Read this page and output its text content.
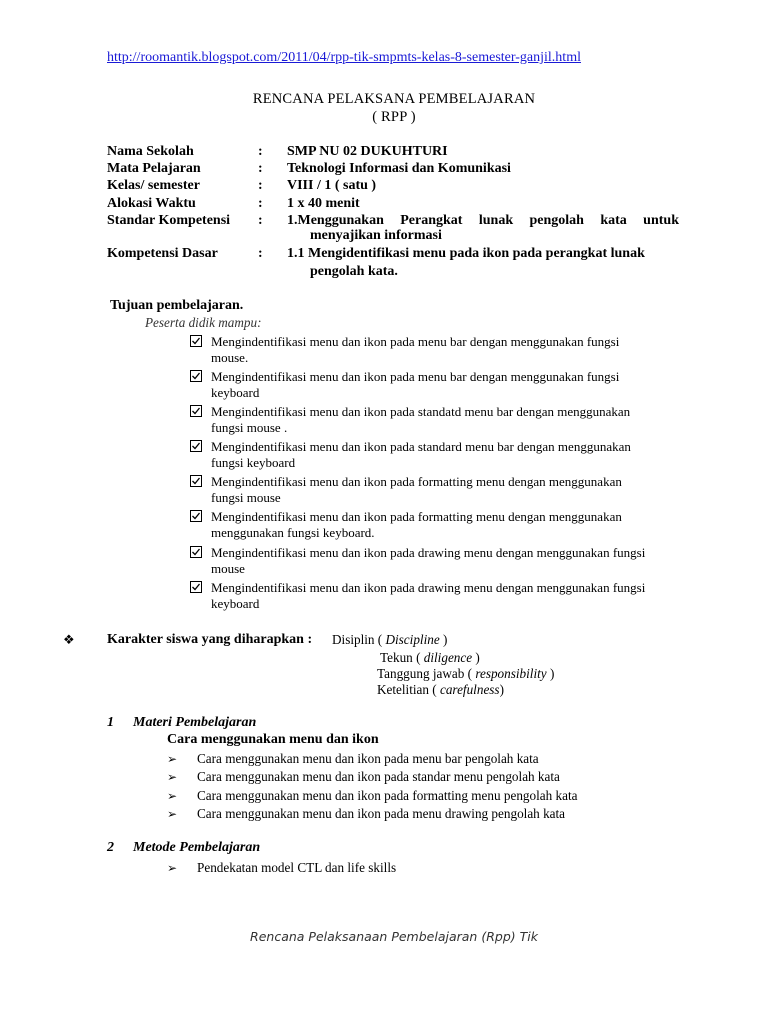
http://roomantik.blogspot.com/2011/04/rpp-tik-smpmts-kelas-8-semester-ganjil.html
RENCANA PELAKSANA PEMBELAJARAN
( RPP )
Nama Sekolah	: SMP NU 02 DUKUHTURI
Mata Pelajaran	: Teknologi Informasi dan Komunikasi
Kelas/ semester	: VIII / 1 ( satu )
Alokasi Waktu	: 1 x 40 menit
Standar Kompetensi : 1.Menggunakan Perangkat lunak pengolah kata untuk
menyajikan informasi
Kompetensi Dasar	: 1.1 Mengidentifikasi menu pada ikon pada perangkat lunak
pengolah kata.
Tujuan pembelajaran.
Peserta didik mampu:
Mengindentifikasi menu dan ikon pada menu bar dengan menggunakan fungsi
mouse.
Mengindentifikasi menu dan ikon pada menu bar dengan menggunakan fungsi
keyboard
Mengindentifikasi menu dan ikon pada standatd menu bar dengan menggunakan
fungsi mouse .
Mengindentifikasi menu dan ikon pada standard menu bar dengan menggunakan
fungsi keyboard
Mengindentifikasi menu dan ikon pada formatting menu dengan menggunakan
fungsi mouse
Mengindentifikasi menu dan ikon pada formatting menu dengan menggunakan
menggunakan fungsi keyboard.
Mengindentifikasi menu dan ikon pada drawing menu dengan menggunakan fungsi
mouse
Mengindentifikasi menu dan ikon pada drawing menu dengan menggunakan fungsi
keyboard
❖ Karakter siswa yang diharapkan : Disiplin ( Discipline )
Tekun ( diligence )
Tanggung jawab ( responsibility )
Ketelitian ( carefulness)
1 Materi Pembelajaran
Cara menggunakan menu dan ikon
➢ Cara menggunakan menu dan ikon pada menu bar pengolah kata
➢ Cara menggunakan menu dan ikon pada standar menu pengolah kata
➢ Cara menggunakan menu dan ikon pada formatting menu pengolah kata
➢ Cara menggunakan menu dan ikon pada menu drawing pengolah kata
2 Metode Pembelajaran
➢ Pendekatan model CTL dan life skills
Rencana Pelaksanaan Pembelajaran (Rpp) Tik
